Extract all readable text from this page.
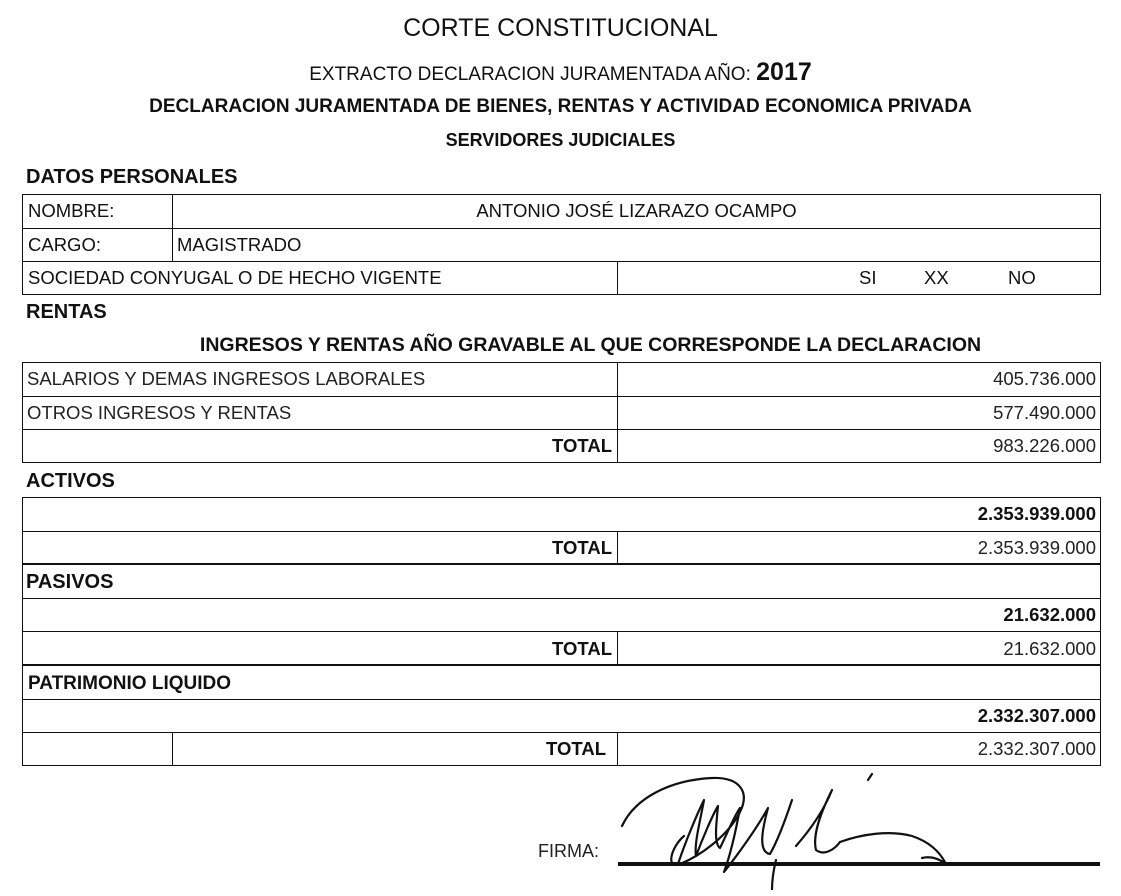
CORTE CONSTITUCIONAL
EXTRACTO DECLARACION JURAMENTADA AÑO: 2017
DECLARACION JURAMENTADA DE BIENES, RENTAS Y ACTIVIDAD ECONOMICA PRIVADA
SERVIDORES JUDICIALES
DATOS PERSONALES
NOMBRE:	ANTONIO JOSÉ LIZARAZO OCAMPO
CARGO:	MAGISTRADO
SOCIEDAD CONYUGAL O DE HECHO VIGENTE	SI	XX	NO
RENTAS
INGRESOS Y RENTAS AÑO GRAVABLE AL QUE CORRESPONDE LA DECLARACION
SALARIOS Y DEMAS INGRESOS LABORALES	405.736.000
OTROS INGRESOS Y RENTAS	577.490.000
TOTAL	983.226.000
ACTIVOS
2.353.939.000
TOTAL	2.353.939.000
PASIVOS
21.632.000
TOTAL	21.632.000
PATRIMONIO LIQUIDO
2.332.307.000
TOTAL	2.332.307.000
FIRMA:
